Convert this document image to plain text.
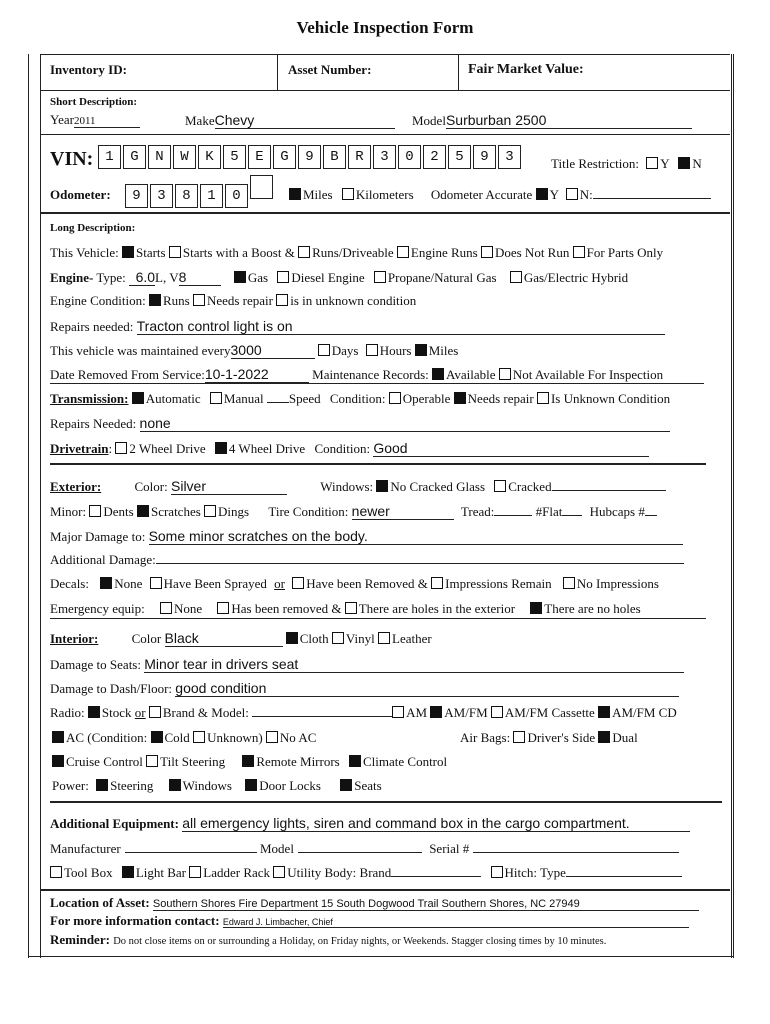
Vehicle Inspection Form
Inventory ID:	Asset Number:	Fair Market Value:
Short Description:
Year2011	MakeChevy	ModelSurburban 2500
VIN: 1 G N W K 5 E G 9 B R 3 0 2 5 9 3	Title Restriction: Y N
Odometer:	9 3 8 1 0	Miles Kilometers Odometer Accurate Y N:
Long Description:
This Vehicle: Starts Starts with a Boost & Runs/Driveable Engine Runs Does Not Run For Parts Only
Engine- Type: 6.0L, V8	Gas Diesel Engine Propane/Natural Gas Gas/Electric Hybrid
Engine Condition: Runs Needs repair is in unknown condition
Repairs needed: Tracton control light is on
This vehicle was maintained every3000	Days Hours Miles
Date Removed From Service:10-1-2022	Maintenance Records: Available Not Available For Inspection
Transmission: Automatic Manual Speed Condition: Operable Needs repair Is Unknown Condition
Repairs Needed: none
Drivetrain: 2 Wheel Drive 4 Wheel Drive Condition: Good
Exterior:	Color: Silver	Windows: No Cracked Glass Cracked
Minor: Dents Scratches Dings Tire Condition: newer	Tread:	#Flat Hubcaps #
Major Damage to: Some minor scratches on the body.
Additional Damage:
Decals: None Have Been Sprayed or Have been Removed & Impressions Remain No Impressions
Emergency equip: None Has been removed & There are holes in the exterior There are no holes
Interior:	Color Black	Cloth Vinyl Leather
Damage to Seats: Minor tear in drivers seat
Damage to Dash/Floor: good condition
Radio: Stock or Brand & Model:	AM AM/FM AM/FM Cassette AM/FM CD
AC (Condition: Cold Unknown) No AC	Air Bags: Driver's Side Dual
Cruise Control Tilt Steering Remote Mirrors Climate Control
Power: Steering Windows Door Locks	Seats
Additional Equipment: all emergency lights, siren and command box in the cargo compartment.
Manufacturer	Model	Serial #
Tool Box Light Bar Ladder Rack Utility Body: Brand	Hitch: Type
Location of Asset: Southern Shores Fire Department 15 South Dogwood Trail Southern Shores, NC 27949
For more information contact: Edward J. Limbacher, Chief
Reminder: Do not close items on or surrounding a Holiday, on Friday nights, or Weekends. Stagger closing times by 10 minutes.
